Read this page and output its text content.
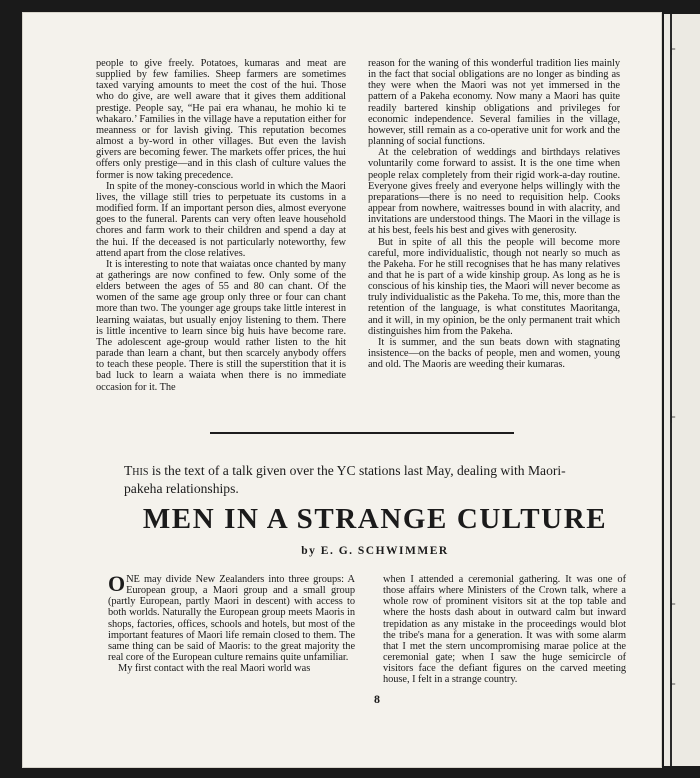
├
├
├
├

people to give freely. Potatoes, kumaras and meat are supplied by few families. Sheep farmers are sometimes taxed varying amounts to meet the cost of the hui. Those who do give, are well aware that it gives them additional prestige. People say, “He pai era whanau, he mohio ki te whakaro.’ Families in the village have a reputation either for meanness or for lavish giving. This reputation becomes almost a by-word in other villages. But even the lavish givers are becoming fewer. The markets offer prices, the hui offers only prestige—and in this clash of culture values the former is now taking precedence.

In spite of the money-conscious world in which the Maori lives, the village still tries to perpetuate its customs in a modified form. If an important person dies, almost everyone goes to the funeral. Parents can very often leave household chores and farm work to their children and spend a day at the hui. If the deceased is not particularly noteworthy, few attend apart from the close relatives.

It is interesting to note that waiatas once chanted by many at gatherings are now confined to few. Only some of the elders between the ages of 55 and 80 can chant. Of the women of the same age group only three or four can chant more than two. The younger age groups take little interest in learning waiatas, but usually enjoy listening to them. There is little incentive to learn since big huis have become rare. The adolescent age-group would rather listen to the hit parade than learn a chant, but then scarcely anybody offers to teach these people. There is still the superstition that it is bad luck to learn a waiata when there is no immediate occasion for it. The

reason for the waning of this wonderful tradition lies mainly in the fact that social obligations are no longer as binding as they were when the Maori was not yet immersed in the pattern of a Pakeha economy. Now many a Maori has quite readily bartered kinship obligations and privileges for economic independence. Several families in the village, however, still remain as a co-operative unit for work and the planning of social functions.

At the celebration of weddings and birthdays relatives voluntarily come forward to assist. It is the one time when people relax completely from their rigid work-a-day routine. Everyone gives freely and everyone helps willingly with the preparations—there is no need to requisition help. Cooks appear from nowhere, waitresses bound in with alacrity, and invitations are understood things. The Maori in the village is at his best, feels his best and gives with generosity.

But in spite of all this the people will become more careful, more individualistic, though not nearly so much as the Pakeha. For he still recognises that he has many relatives and that he is part of a wide kinship group. As long as he is conscious of his kinship ties, the Maori will never become as truly individualistic as the Pakeha. To me, this, more than the retention of the language, is what constitutes Maoritanga, and it will, in my opinion, be the only permanent trait which distinguishes him from the Pakeha.

It is summer, and the sun beats down with stagnating insistence—on the backs of people, men and women, young and old. The Maoris are weeding their kumaras.

This is the text of a talk given over the YC stations last May, dealing with Maori-pakeha relationships.
MEN IN A STRANGE CULTURE
by E. G. SCHWIMMER

ONE may divide New Zealanders into three groups: A European group, a Maori group and a small group (partly European, partly Maori in descent) with access to both worlds. Naturally the European group meets Maoris in shops, factories, offices, schools and hotels, but most of the important features of Maori life remain closed to them. The same thing can be said of Maoris: to the great majority the real core of the European culture remains quite unfamiliar.

My first contact with the real Maori world was

when I attended a ceremonial gathering. It was one of those affairs where Ministers of the Crown talk, where a whole row of prominent visitors sit at the top table and where the hosts dash about in outward calm but inward trepidation as any mistake in the proceedings would blot the tribe's mana for a generation. It was with some alarm that I met the stern uncompromising marae police at the ceremonial gate; when I saw the huge semicircle of visitors face the defiant figures on the carved meeting house, I felt in a strange country.

8
